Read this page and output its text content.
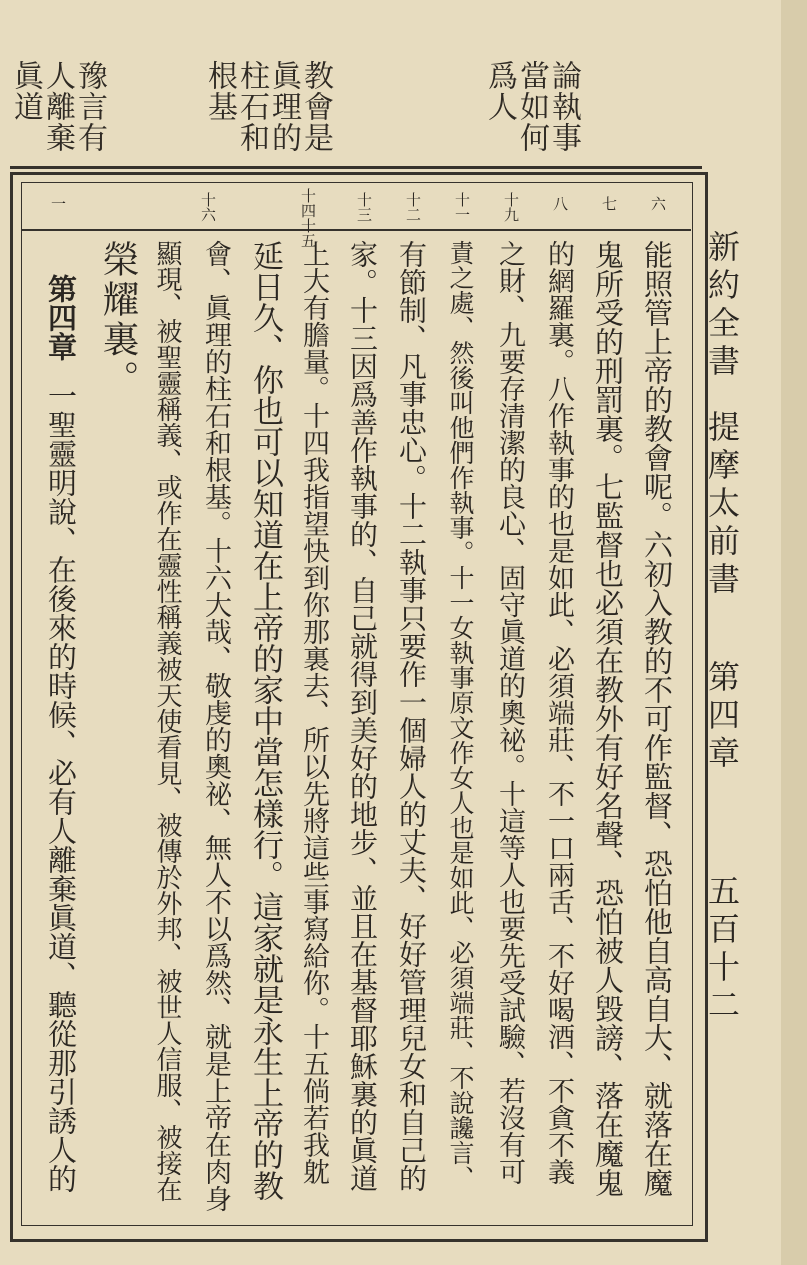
論執事
當如何
爲人
教會是
眞理的
柱石和
根基
豫言有
人離棄
眞道
六
七
八
十九
十一
十二
十三
十四十五
十六
一
新約全書提摩太前書第四章五百十二
能照管上帝的教會呢。六初入教的不可作監督、恐怕他自高自大、就落在魔
鬼所受的刑罰裏。七監督也必須在教外有好名聲、恐怕被人毀謗、落在魔鬼
的網羅裏。八作執事的也是如此、必須端莊、不一口兩舌、不好喝酒、不貪不義
之財、九要存清潔的良心、固守眞道的奧祕。十這等人也要先受試驗、若沒有可
責之處、然後叫他們作執事。十一女執事原文作女人也是如此、必須端莊、不說讒言、
有節制、凡事忠心。十二執事只要作一個婦人的丈夫、好好管理兒女和自己的
家。十三因爲善作執事的、自己就得到美好的地步、並且在基督耶穌裏的眞道
上大有膽量。十四我指望快到你那裏去、所以先將這些事寫給你。十五倘若我躭
延日久、你也可以知道在上帝的家中當怎樣行。這家就是永生上帝的教
會、眞理的柱石和根基。十六大哉、敬虔的奧祕、無人不以爲然、就是上帝在肉身
顯現、被聖靈稱義、或作在靈性稱義被天使看見、被傳於外邦、被世人信服、被接在
榮耀裏。
第四章一聖靈明說、在後來的時候、必有人離棄眞道、聽從那引誘人的
